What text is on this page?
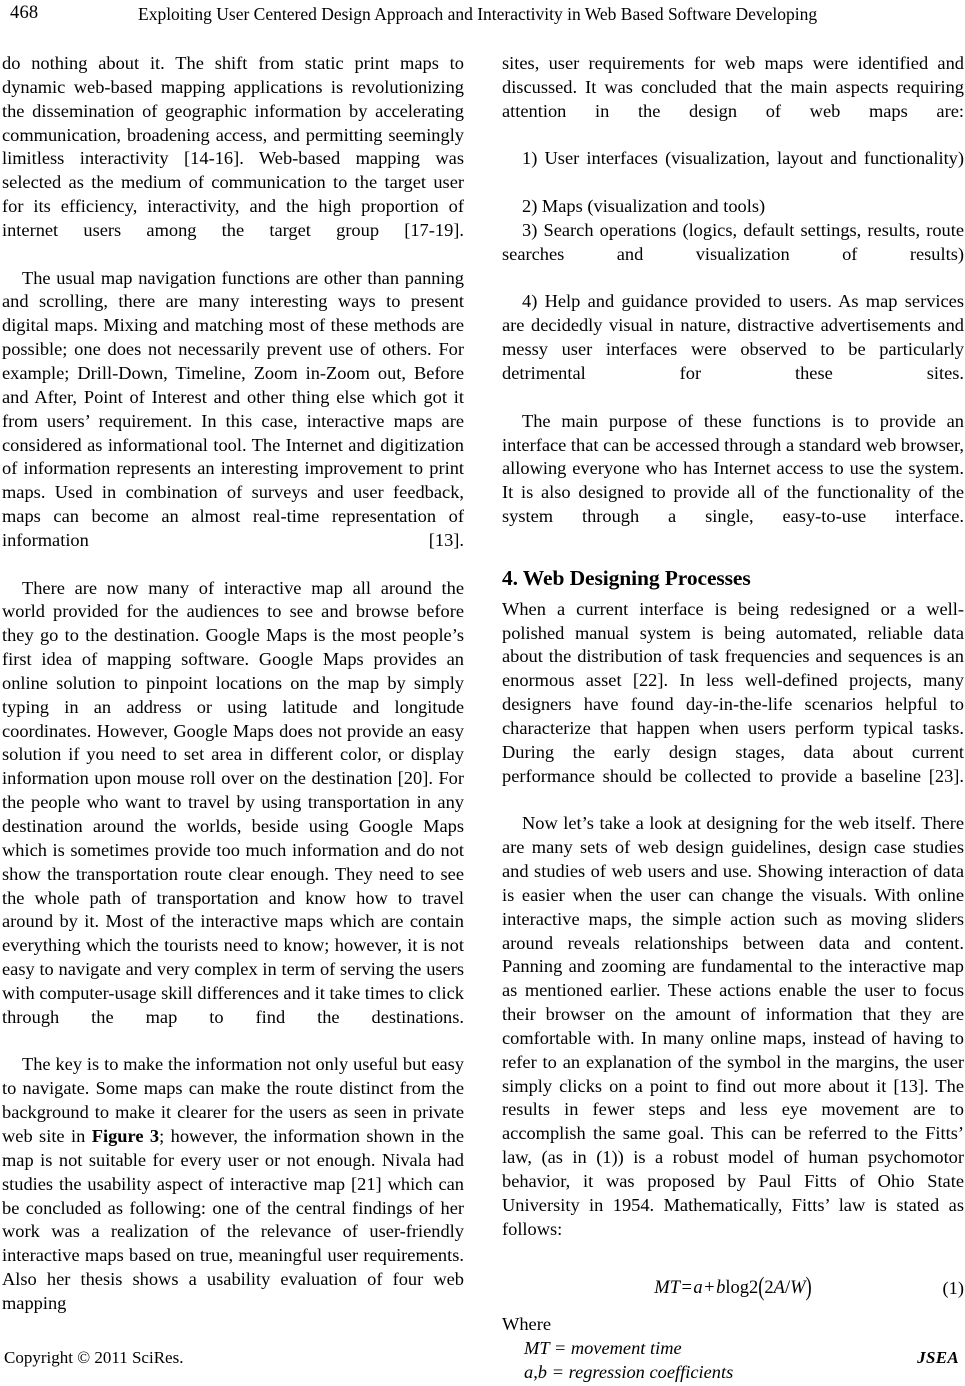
468	Exploiting User Centered Design Approach and Interactivity in Web Based Software Developing

do nothing about it. The shift from static print maps to dynamic web-based mapping applications is revolutionizing the dissemination of geographic information by accelerating communication, broadening access, and permitting seemingly limitless interactivity [14-16]. Web-based mapping was selected as the medium of communication to the target user for its efficiency, interactivity, and the high proportion of internet users among the target group [17-19].

The usual map navigation functions are other than panning and scrolling, there are many interesting ways to present digital maps. Mixing and matching most of these methods are possible; one does not necessarily prevent use of others. For example; Drill-Down, Timeline, Zoom in-Zoom out, Before and After, Point of Interest and other thing else which got it from users’ requirement. In this case, interactive maps are considered as informational tool. The Internet and digitization of information represents an interesting improvement to print maps. Used in combination of surveys and user feedback, maps can become an almost real-time representation of information [13].

There are now many of interactive map all around the world provided for the audiences to see and browse before they go to the destination. Google Maps is the most people’s first idea of mapping software. Google Maps provides an online solution to pinpoint locations on the map by simply typing in an address or using latitude and longitude coordinates. However, Google Maps does not provide an easy solution if you need to set area in different color, or display information upon mouse roll over on the destination [20]. For the people who want to travel by using transportation in any destination around the worlds, beside using Google Maps which is sometimes provide too much information and do not show the transportation route clear enough. They need to see the whole path of transportation and know how to travel around by it. Most of the interactive maps which are contain everything which the tourists need to know; however, it is not easy to navigate and very complex in term of serving the users with computer-usage skill differences and it take times to click through the map to find the destinations.

The key is to make the information not only useful but easy to navigate. Some maps can make the route distinct from the background to make it clearer for the users as seen in private web site in Figure 3; however, the information shown in the map is not suitable for every user or not enough. Nivala had studies the usability aspect of interactive map [21] which can be concluded as following: one of the central findings of her work was a realization of the relevance of user-friendly interactive maps based on true, meaningful user requirements. Also her thesis shows a usability evaluation of four web mapping

sites, user requirements for web maps were identified and discussed. It was concluded that the main aspects requiring attention in the design of web maps are:

1) User interfaces (visualization, layout and functionality)

2) Maps (visualization and tools)

3) Search operations (logics, default settings, results, route searches and visualization of results)

4) Help and guidance provided to users. As map services are decidedly visual in nature, distractive advertisements and messy user interfaces were observed to be particularly detrimental for these sites.

The main purpose of these functions is to provide an interface that can be accessed through a standard web browser, allowing everyone who has Internet access to use the system. It is also designed to provide all of the functionality of the system through a single, easy-to-use interface.

4. Web Designing Processes

When a current interface is being redesigned or a well-polished manual system is being automated, reliable data about the distribution of task frequencies and sequences is an enormous asset [22]. In less well-defined projects, many designers have found day-in-the-life scenarios helpful to characterize that happen when users perform typical tasks. During the early design stages, data about current performance should be collected to provide a baseline [23].

Now let’s take a look at designing for the web itself. There are many sets of web design guidelines, design case studies and studies of web users and use. Showing interaction of data is easier when the user can change the visuals. With online interactive maps, the simple action such as moving sliders around reveals relationships between data and content. Panning and zooming are fundamental to the interactive map as mentioned earlier. These actions enable the user to focus their browser on the amount of information that they are comfortable with. In many online maps, instead of having to refer to an explanation of the symbol in the margins, the user simply clicks on a point to find out more about it [13]. The results in fewer steps and less eye movement are to accomplish the same goal. This can be referred to the Fitts’ law, (as in (1)) is a robust model of human psychomotor behavior, it was proposed by Paul Fitts of Ohio State University in 1954. Mathematically, Fitts’ law is stated as follows:

MT=a+blog2(2A/W)	(1)

Where

MT = movement time

a,b = regression coefficients

Copyright © 2011 SciRes.	JSEA
